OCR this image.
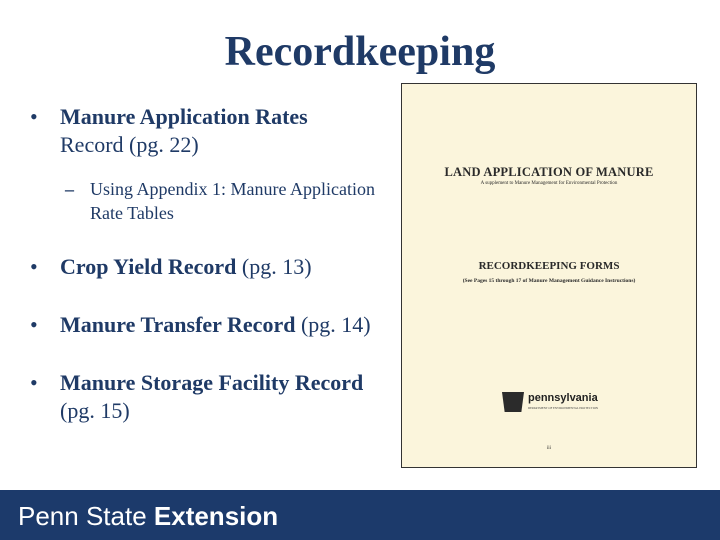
Recordkeeping
• Manure Application Rates
Record (pg. 22)
– Using Appendix 1: Manure Application Rate Tables
• Crop Yield Record (pg. 13)
• Manure Transfer Record (pg. 14)
• Manure Storage Facility Record (pg. 15)
LAND APPLICATION OF MANURE
A supplement to Manure Management for Environmental Protection
RECORDKEEPING FORMS
(See Pages 15 through 17 of Manure Management Guidance Instructions)
pennsylvania
DEPARTMENT OF ENVIRONMENTAL PROTECTION
iii
Penn State Extension
